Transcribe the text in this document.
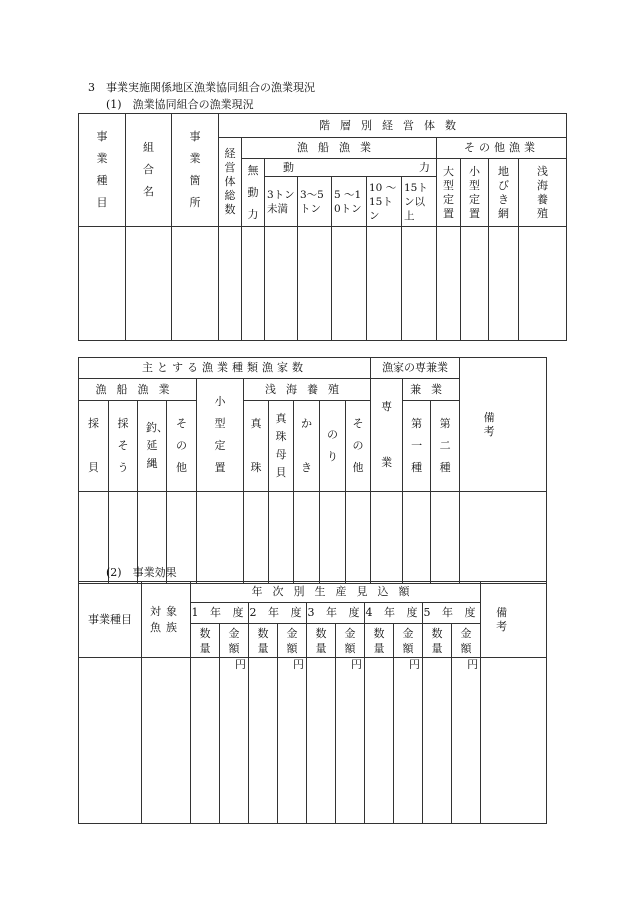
3　事業実施関係地区漁業協同組合の漁業現況
(1)　漁業協同組合の漁業現況
事業種目	組合名	事業箇所	階層別経営体数										
			経営体総数	漁船漁業						その他漁業			
				無動力	動 力					大型定置	小型定置	地びき網	浅海養殖
					3トン未満	3〜5トン	5 〜10トン	10 〜15トン	15トン以上				

主とする漁業種類漁家数										漁家の専兼業			備　考
漁船漁業				小型定置	浅海養殖					専業	兼業		
採貝	採そう	釣、延縄	その他		真珠	真珠母貝	かき	のり	その他		第一種	第二種	

(2)　事業効果
事業種目	対象魚族	年次別生産見込額										備　考
		1 年 度		2 年 度		3 年 度		4 年 度		5 年 度		
		数量	金額	数量	金額	数量	金額	数量	金額	数量	金額	
			円		円		円		円		円	
